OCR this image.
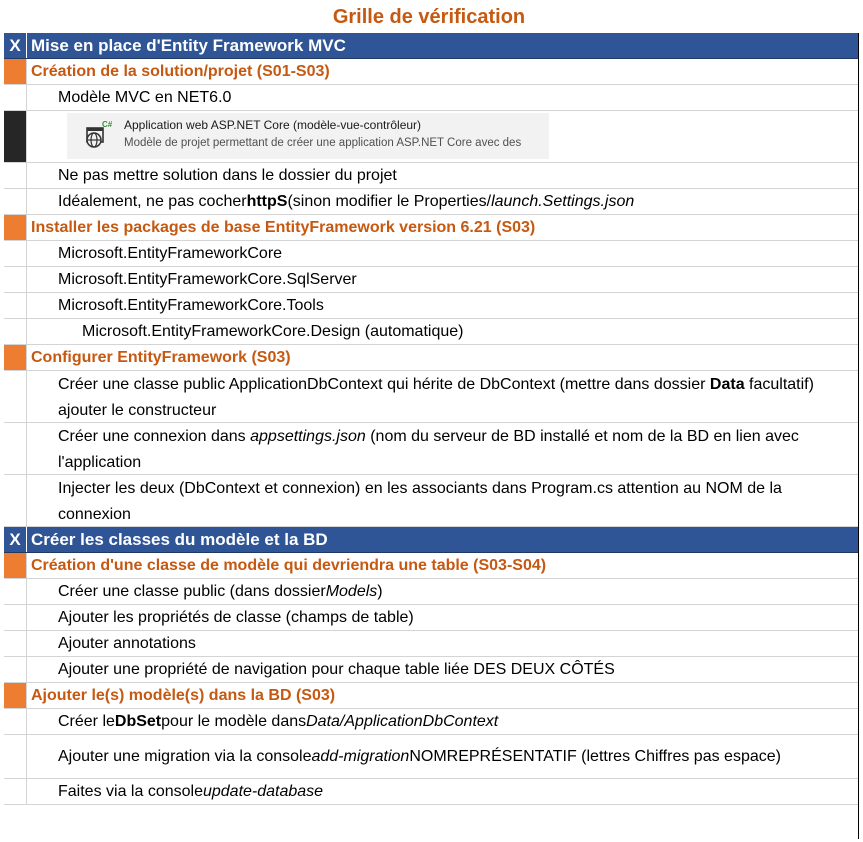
Grille de vérification
X Mise en place d'Entity Framework MVC
Création de la solution/projet (S01-S03)
Modèle MVC en NET6.0
C# Application web ASP.NET Core (modèle-vue-contrôleur)
Modèle de projet permettant de créer une application ASP.NET Core avec des
Ne pas mettre solution dans le dossier du projet
Idéalement, ne pas cocher httpS (sinon modifier le Properties/ launch.Settings.json
Installer les packages de base EntityFramework version 6.21 (S03)
Microsoft.EntityFrameworkCore
Microsoft.EntityFrameworkCore.SqlServer
Microsoft.EntityFrameworkCore.Tools
Microsoft.EntityFrameworkCore.Design (automatique)
Configurer EntityFramework (S03)
Créer une classe public ApplicationDbContext qui hérite de DbContext (mettre dans dossier Data facultatif) ajouter le constructeur
Créer une connexion dans appsettings.json (nom du serveur de BD installé et nom de la BD en lien avec l'application
Injecter les deux (DbContext et connexion) en les associants dans Program.cs attention au NOM de la connexion
X Créer les classes du modèle et la BD
Création d'une classe de modèle qui devriendra une table (S03-S04)
Créer une classe public (dans dossier Models )
Ajouter les propriétés de classe (champs de table)
Ajouter annotations
Ajouter une propriété de navigation pour chaque table liée DES DEUX CÔTÉS
Ajouter le(s) modèle(s) dans la BD (S03)
Créer le DbSet pour le modèle dans Data/ApplicationDbContext
Ajouter une migration via la console add-migration NOMREPRÉSENTATIF (lettres Chiffres pas espace)
Faites via la console update-database
